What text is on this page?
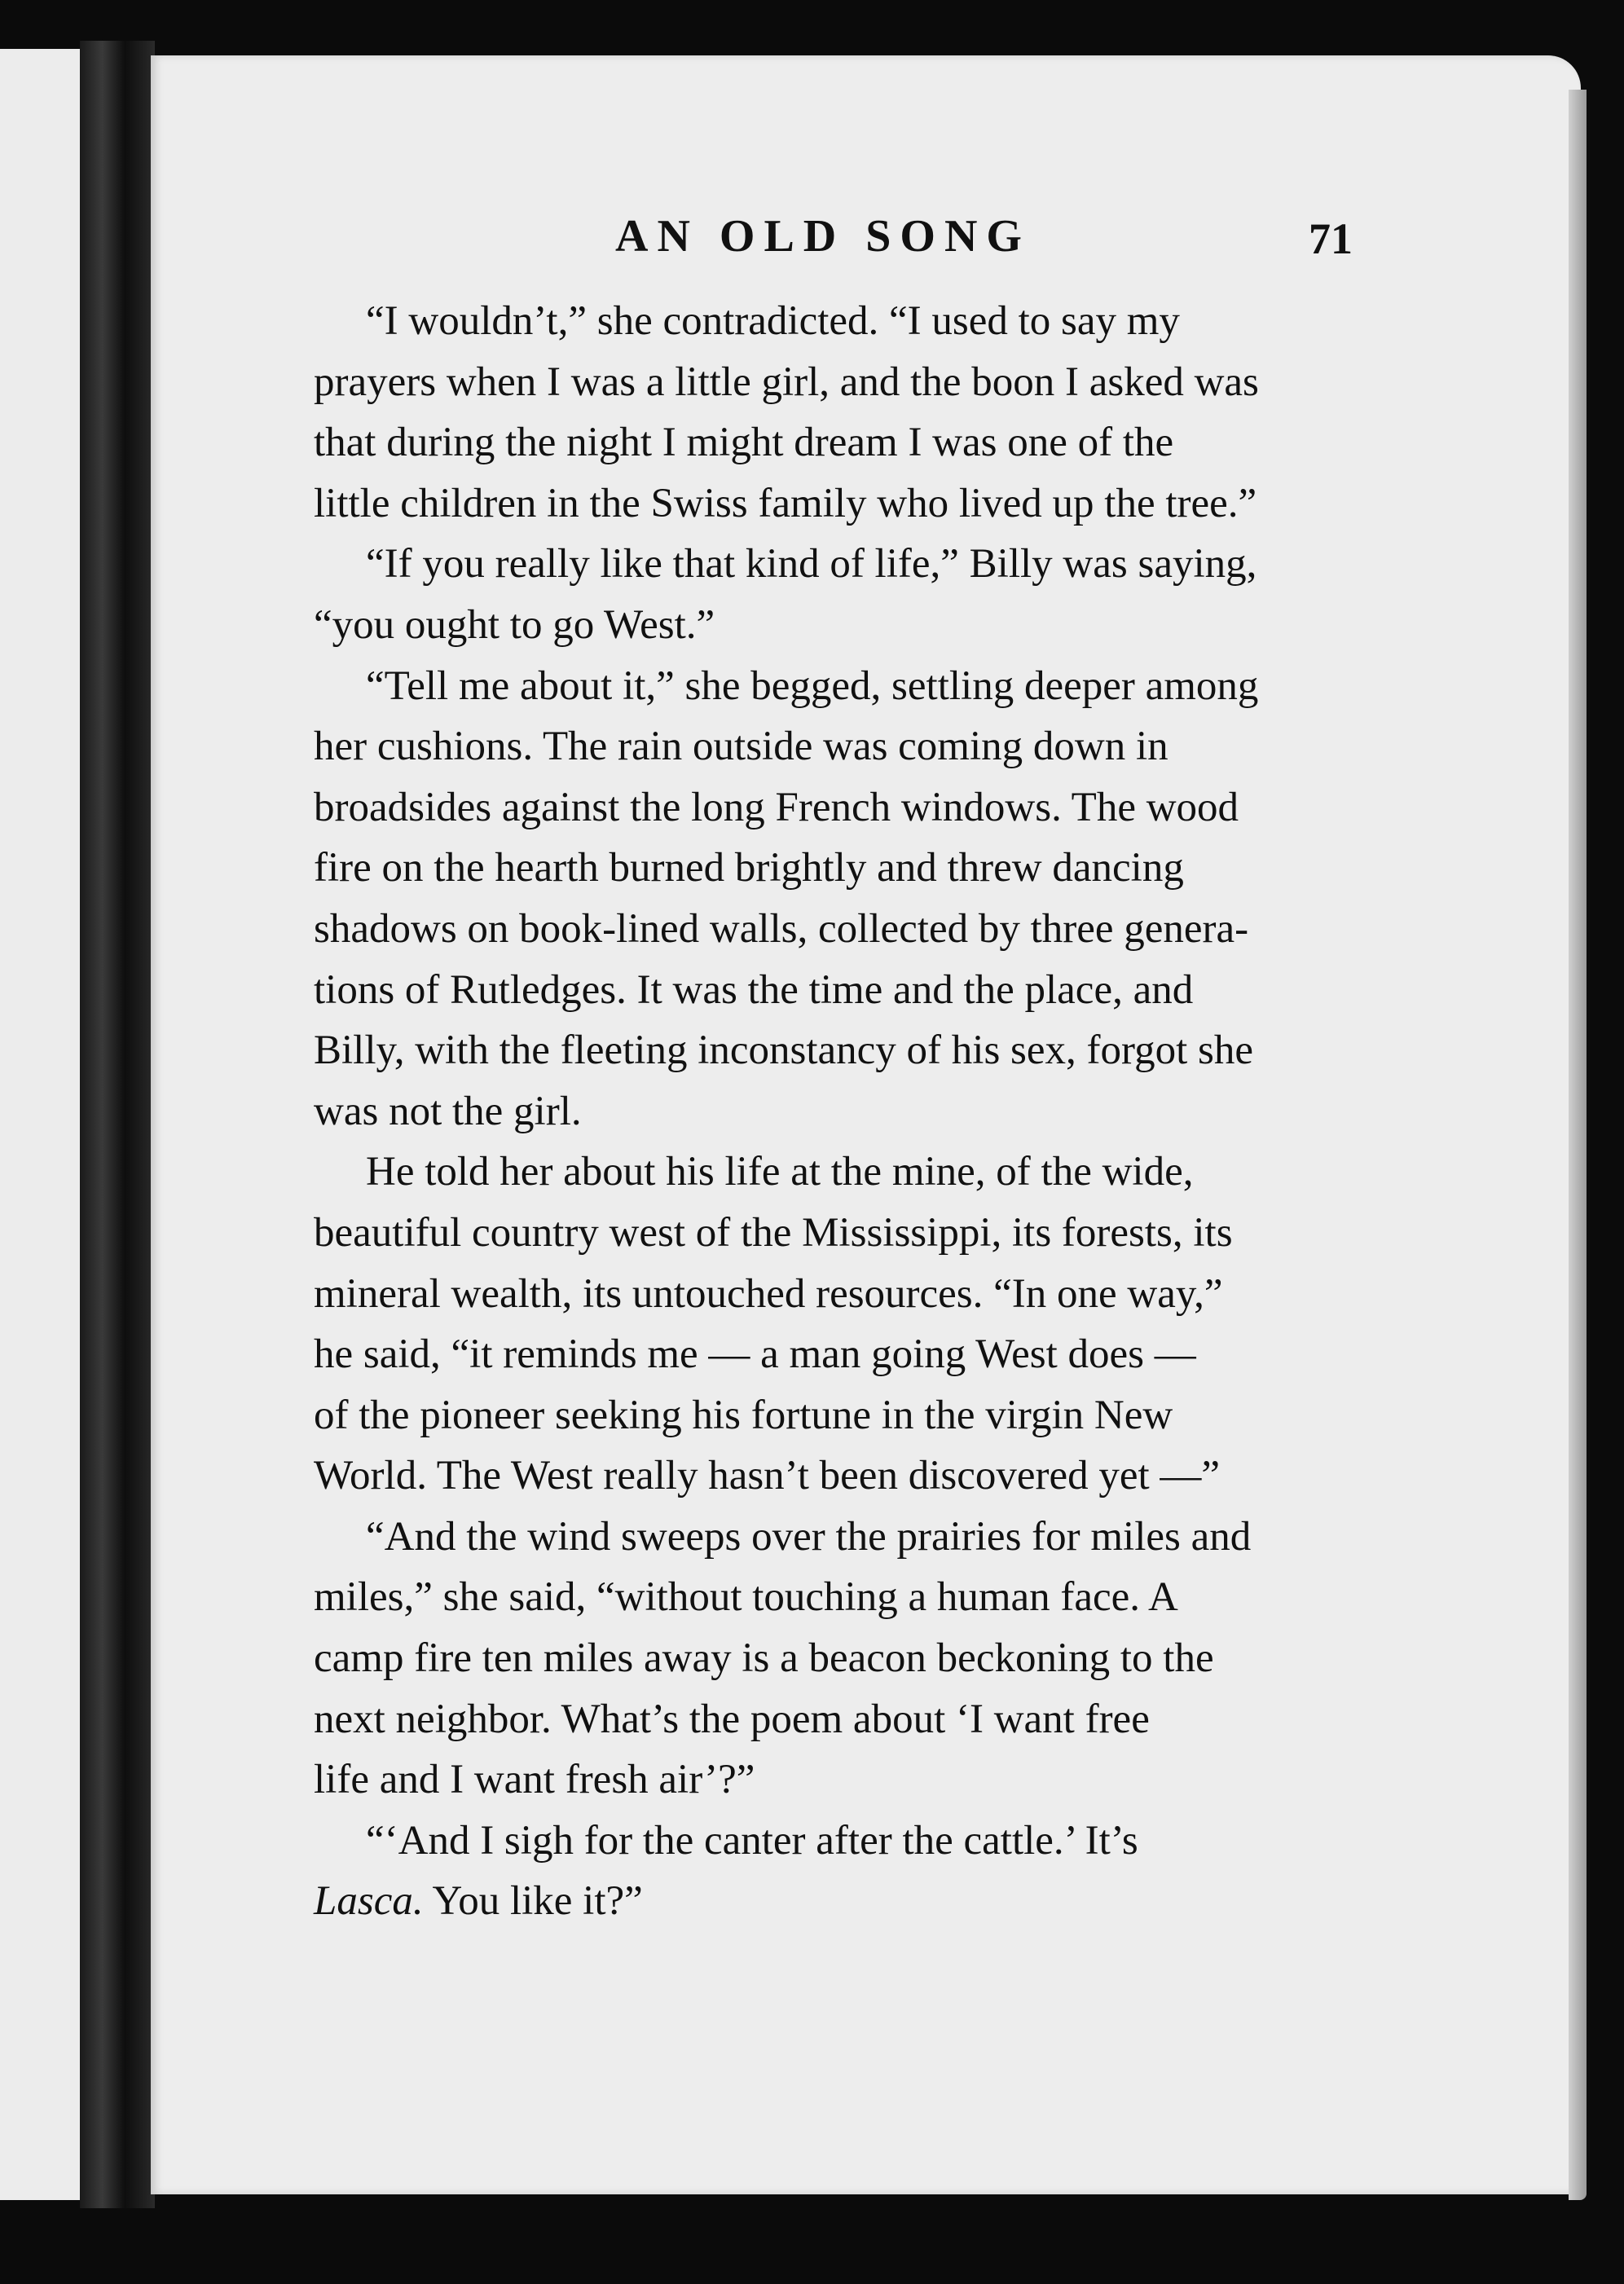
AN OLD SONG	71
“I wouldn’t,” she contradicted. “I used to say my
prayers when I was a little girl, and the boon I asked was
that during the night I might dream I was one of the
little children in the Swiss family who lived up the tree.”
“If you really like that kind of life,” Billy was saying,
“you ought to go West.”
“Tell me about it,” she begged, settling deeper among
her cushions. The rain outside was coming down in
broadsides against the long French windows. The wood
fire on the hearth burned brightly and threw dancing
shadows on book-lined walls, collected by three genera-
tions of Rutledges. It was the time and the place, and
Billy, with the fleeting inconstancy of his sex, forgot she
was not the girl.
He told her about his life at the mine, of the wide,
beautiful country west of the Mississippi, its forests, its
mineral wealth, its untouched resources. “In one way,”
he said, “it reminds me — a man going West does —
of the pioneer seeking his fortune in the virgin New
World. The West really hasn’t been discovered yet —”
“And the wind sweeps over the prairies for miles and
miles,” she said, “without touching a human face. A
camp fire ten miles away is a beacon beckoning to the
next neighbor. What’s the poem about ‘I want free
life and I want fresh air’?”
“‘And I sigh for the canter after the cattle.’ It’s
Lasca. You like it?”
